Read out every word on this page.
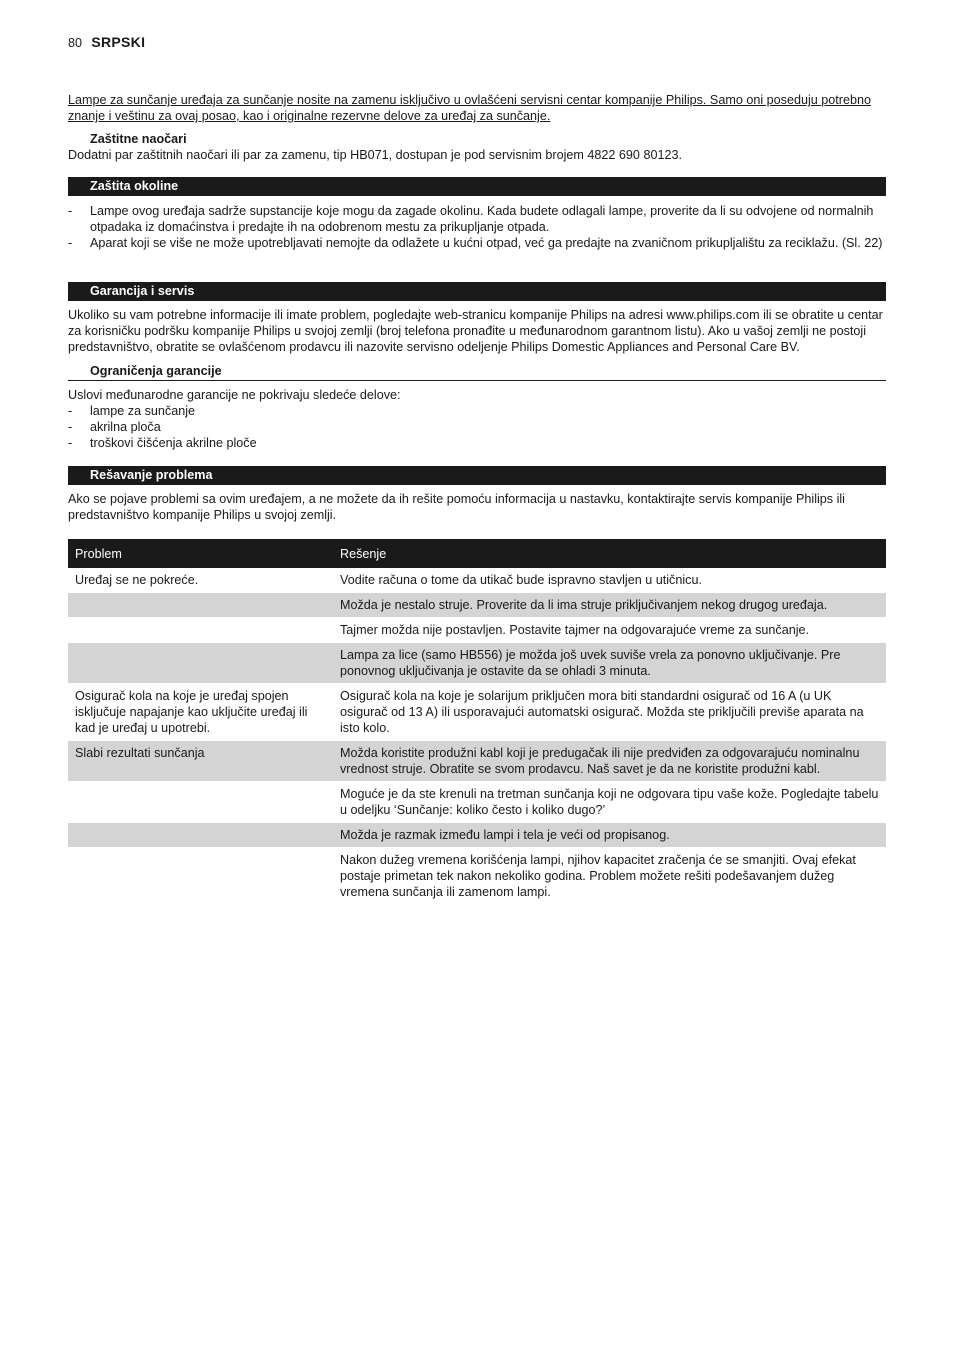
80 SRPSKI
Lampe za sunčanje uređaja za sunčanje nosite na zamenu isključivo u ovlašćeni servisni centar kompanije Philips. Samo oni poseduju potrebno znanje i veštinu za ovaj posao, kao i originalne rezervne delove za uređaj za sunčanje.
Zaštitne naočari
Dodatni par zaštitnih naočari ili par za zamenu, tip HB071, dostupan je pod servisnim brojem 4822 690 80123.
Zaštita okoline
- Lampe ovog uređaja sadrže supstancije koje mogu da zagade okolinu. Kada budete odlagali lampe, proverite da li su odvojene od normalnih otpadaka iz domaćinstva i predajte ih na odobrenom mestu za prikupljanje otpada.
- Aparat koji se više ne može upotrebljavati nemojte da odlažete u kućni otpad, već ga predajte na zvaničnom prikupljalištu za reciklažu. (Sl. 22)
Garancija i servis
Ukoliko su vam potrebne informacije ili imate problem, pogledajte web-stranicu kompanije Philips na adresi www.philips.com ili se obratite u centar za korisničku podršku kompanije Philips u svojoj zemlji (broj telefona pronađite u međunarodnom garantnom listu). Ako u vašoj zemlji ne postoji predstavništvo, obratite se ovlašćenom prodavcu ili nazovite servisno odeljenje Philips Domestic Appliances and Personal Care BV.
Ograničenja garancije
Uslovi međunarodne garancije ne pokrivaju sledeće delove:
- lampe za sunčanje
- akrilna ploča
- troškovi čišćenja akrilne ploče
Rešavanje problema
Ako se pojave problemi sa ovim uređajem, a ne možete da ih rešite pomoću informacija u nastavku, kontaktirajte servis kompanije Philips ili predstavništvo kompanije Philips u svojoj zemlji.
Problem	Rešenje
Uređaj se ne pokreće.	Vodite računa o tome da utikač bude ispravno stavljen u utičnicu.
	Možda je nestalo struje. Proverite da li ima struje priključivanjem nekog drugog uređaja.
	Tajmer možda nije postavljen. Postavite tajmer na odgovarajuće vreme za sunčanje.
	Lampa za lice (samo HB556) je možda još uvek suviše vrela za ponovno uključivanje. Pre ponovnog uključivanja je ostavite da se ohladi 3 minuta.
Osigurač kola na koje je uređaj spojen isključuje napajanje kao uključite uređaj ili kad je uređaj u upotrebi.	Osigurač kola na koje je solarijum priključen mora biti standardni osigurač od 16 A (u UK osigurač od 13 A) ili usporavajući automatski osigurač. Možda ste priključili previše aparata na isto kolo.
Slabi rezultati sunčanja	Možda koristite produžni kabl koji je predugačak ili nije predviđen za odgovarajuću nominalnu vrednost struje. Obratite se svom prodavcu. Naš savet je da ne koristite produžni kabl.
	Moguće je da ste krenuli na tretman sunčanja koji ne odgovara tipu vaše kože. Pogledajte tabelu u odeljku ‘Sunčanje: koliko često i koliko dugo?’
	Možda je razmak između lampi i tela je veći od propisanog.
	Nakon dužeg vremena korišćenja lampi, njihov kapacitet zračenja će se smanjiti. Ovaj efekat postaje primetan tek nakon nekoliko godina. Problem možete rešiti podešavanjem dužeg vremena sunčanja ili zamenom lampi.
